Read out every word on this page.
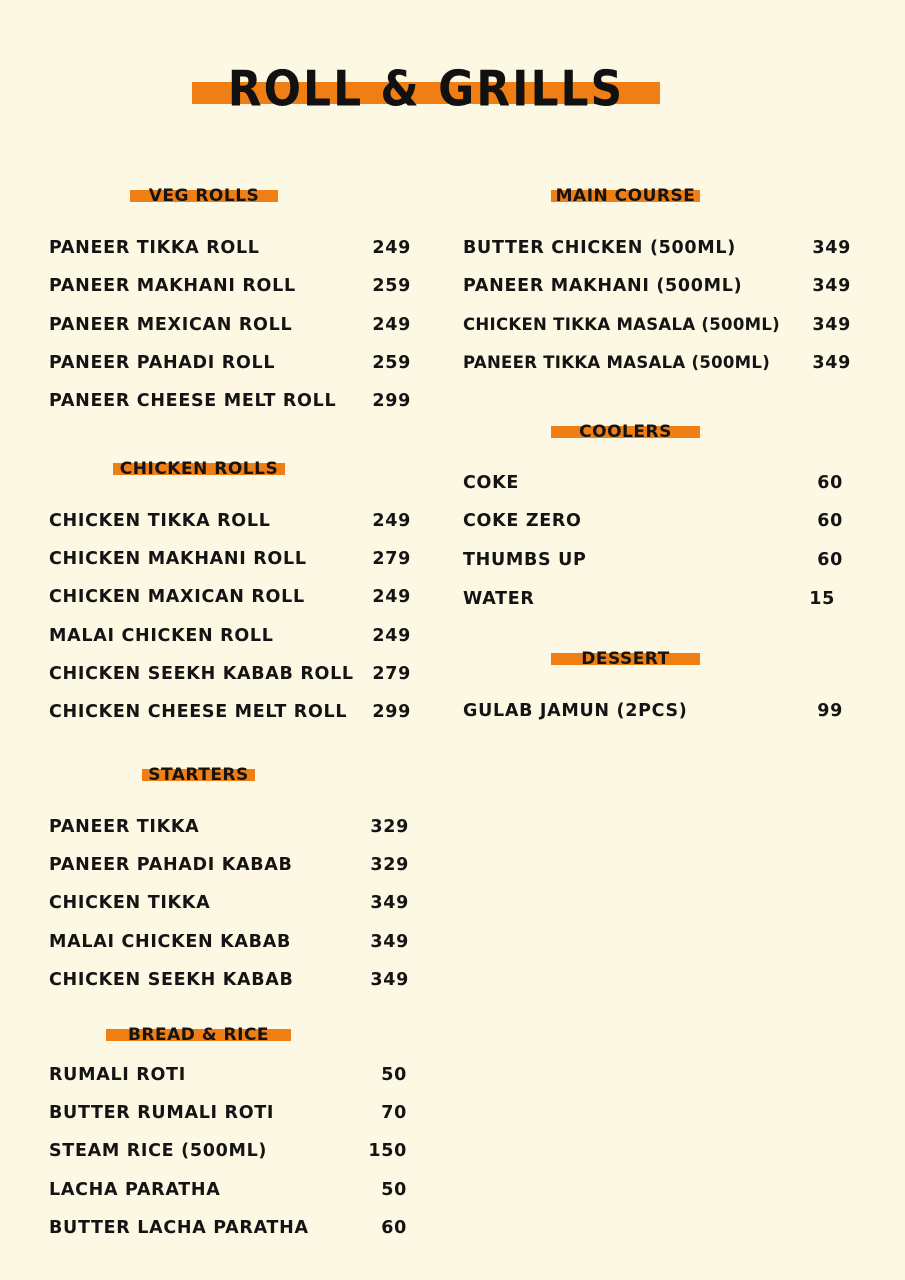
ROLL & GRILLS
VEG ROLLS
PANEER TIKKA ROLL	249
PANEER MAKHANI ROLL	259
PANEER MEXICAN ROLL	249
PANEER PAHADI ROLL	259
PANEER CHEESE MELT ROLL 299
CHICKEN ROLLS
CHICKEN TIKKA ROLL	249
CHICKEN MAKHANI ROLL	279
CHICKEN MAXICAN ROLL	249
MALAI CHICKEN ROLL	249
CHICKEN SEEKH KABAB ROLL 279
CHICKEN CHEESE MELT ROLL 299
STARTERS
PANEER TIKKA	329
PANEER PAHADI KABAB	329
CHICKEN TIKKA	349
MALAI CHICKEN KABAB	349
CHICKEN SEEKH KABAB	349
BREAD & RICE
RUMALI ROTI	50
BUTTER RUMALI ROTI	70
STEAM RICE (500ML)	150
LACHA PARATHA	50
BUTTER LACHA PARATHA	60
MAIN COURSE
BUTTER CHICKEN (500ML)	349
PANEER MAKHANI (500ML)	349
CHICKEN TIKKA MASALA (500ML) 349
PANEER TIKKA MASALA (500ML) 349
COOLERS
COKE	60
COKE ZERO	60
THUMBS UP	60
WATER	15
DESSERT
GULAB JAMUN (2PCS)	99
